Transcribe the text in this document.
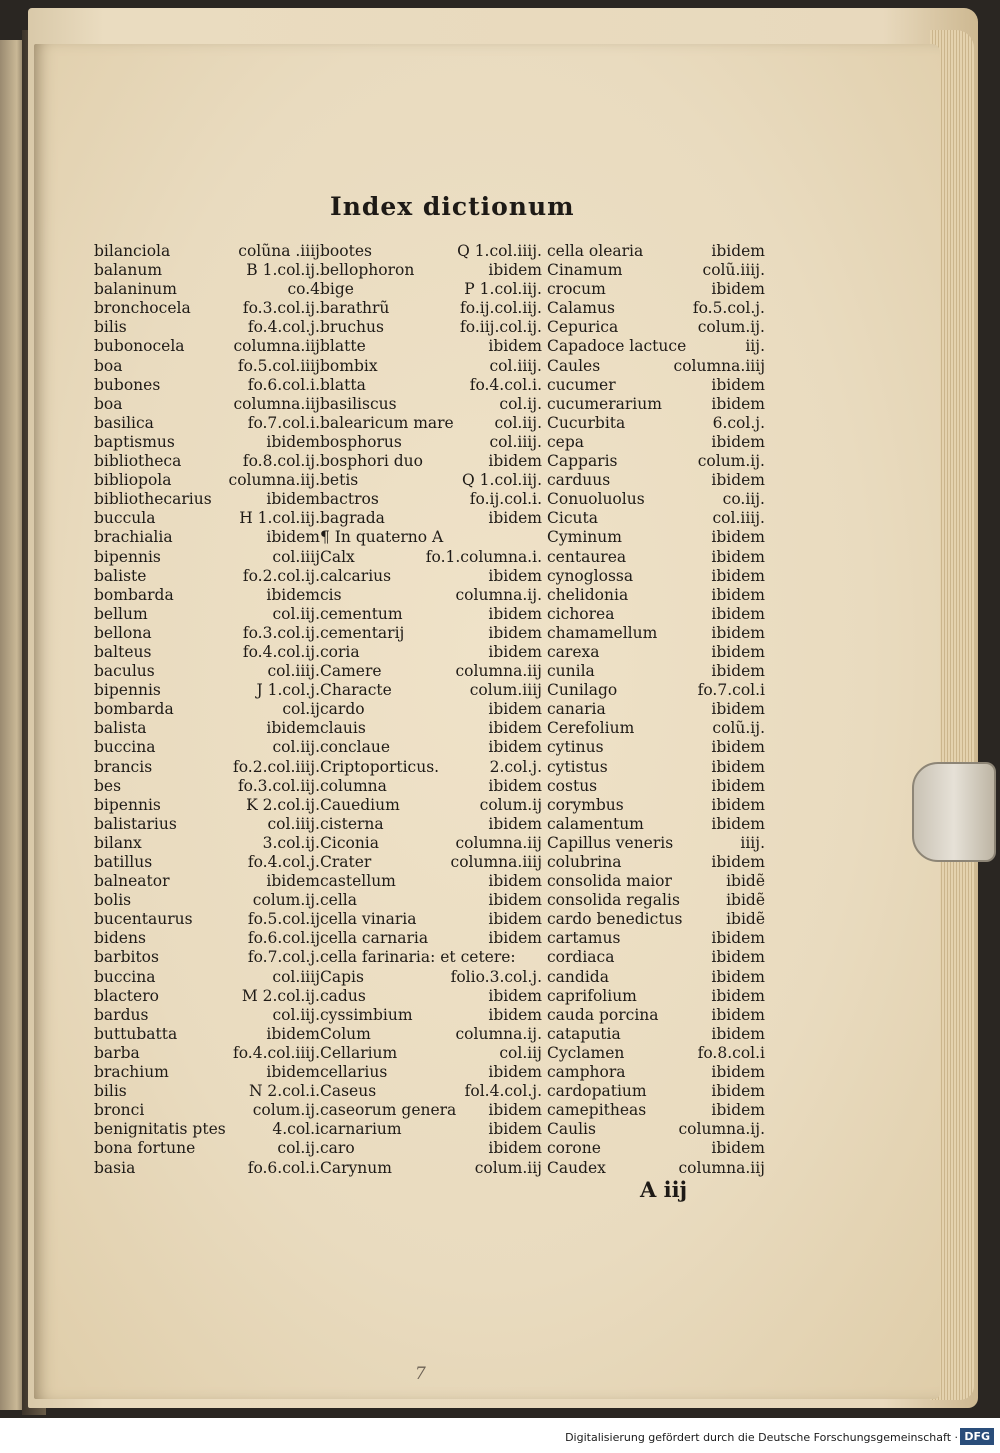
Index dictionum
bilanciola	colũna .iiij
balanum	B 1.col.ij.
balaninum	co.4
bronchocela	fo.3.col.ij.
bilis	fo.4.col.j.
bubonocela	columna.iij
boa	fo.5.col.iiij
bubones	fo.6.col.i.
boa	columna.iij
basilica	fo.7.col.i.
baptismus	ibidem
bibliotheca	fo.8.col.ij.
bibliopola	columna.iij.
bibliothecarius	ibidem
buccula	H 1.col.iij.
brachialia	ibidem
bipennis	col.iiij
baliste	fo.2.col.ij.
bombarda	ibidem
bellum	col.iij.
bellona	fo.3.col.ij.
balteus	fo.4.col.ij.
baculus	col.iiij.
bipennis	J 1.col.j.
bombarda	col.ij
balista	ibidem
buccina	col.iij.
brancis	fo.2.col.iiij.
bes	fo.3.col.iij.
bipennis	K 2.col.ij.
balistarius	col.iiij.
bilanx	3.col.ij.
batillus	fo.4.col.j.
balneator	ibidem
bolis	colum.ij.
bucentaurus	fo.5.col.ij
bidens	fo.6.col.ij
barbitos	fo.7.col.j.
buccina	col.iiij
blactero	M 2.col.ij.
bardus	col.iij.
buttubatta	ibidem
barba	fo.4.col.iiij.
brachium	ibidem
bilis	N 2.col.i.
bronci	colum.ij.
benignitatis ptes	4.col.i
bona fortune	col.ij.
basia	fo.6.col.i.
bootes	Q 1.col.iiij.
bellophoron	ibidem
bige	P 1.col.iij.
barathrũ	fo.ij.col.iij.
bruchus	fo.iij.col.ij.
blatte	ibidem
bombix	col.iiij.
blatta	fo.4.col.i.
basiliscus	col.ij.
balearicum mare	col.iij.
bosphorus	col.iiij.
bosphori duo	ibidem
betis	Q 1.col.iij.
bactros	fo.ij.col.i.
bagrada	ibidem
¶ In quaterno A
Calx	fo.1.columna.i.
calcarius	ibidem
cis	columna.ij.
cementum	ibidem
cementarij	ibidem
coria	ibidem
Camere	columna.iij
Characte	colum.iiij
cardo	ibidem
clauis	ibidem
conclaue	ibidem
Criptoporticus.	2.col.j.
columna	ibidem
Cauedium	colum.ij
cisterna	ibidem
Ciconia	columna.iij
Crater	columna.iiij
castellum	ibidem
cella	ibidem
cella vinaria	ibidem
cella carnaria	ibidem
cella farinaria: et cetere:
Capis	folio.3.col.j.
cadus	ibidem
cyssimbium	ibidem
Colum	columna.ij.
Cellarium	col.iij
cellarius	ibidem
Caseus	fol.4.col.j.
caseorum genera	ibidem
carnarium	ibidem
caro	ibidem
Carynum	colum.iij
cella olearia	ibidem
Cinamum	colũ.iiij.
crocum	ibidem
Calamus	fo.5.col.j.
Cepurica	colum.ij.
Capadoce lactuce	iij.
Caules	columna.iiij
cucumer	ibidem
cucumerarium	ibidem
Cucurbita	6.col.j.
cepa	ibidem
Capparis	colum.ij.
carduus	ibidem
Conuoluolus	co.iij.
Cicuta	col.iiij.
Cyminum	ibidem
centaurea	ibidem
cynoglossa	ibidem
chelidonia	ibidem
cichorea	ibidem
chamamellum	ibidem
carexa	ibidem
cunila	ibidem
Cunilago	fo.7.col.i
canaria	ibidem
Cerefolium	colũ.ij.
cytinus	ibidem
cytistus	ibidem
costus	ibidem
corymbus	ibidem
calamentum	ibidem
Capillus veneris	iiij.
colubrina	ibidem
consolida maior	ibidẽ
consolida regalis	ibidẽ
cardo benedictus	ibidẽ
cartamus	ibidem
cordiaca	ibidem
candida	ibidem
caprifolium	ibidem
cauda porcina	ibidem
cataputia	ibidem
Cyclamen	fo.8.col.i
camphora	ibidem
cardopatium	ibidem
camepitheas	ibidem
Caulis	columna.ij.
corone	ibidem
Caudex	columna.iij

A iij

7

Digitalisierung gefördert durch die Deutsche Forschungsgemeinschaft · DFG
